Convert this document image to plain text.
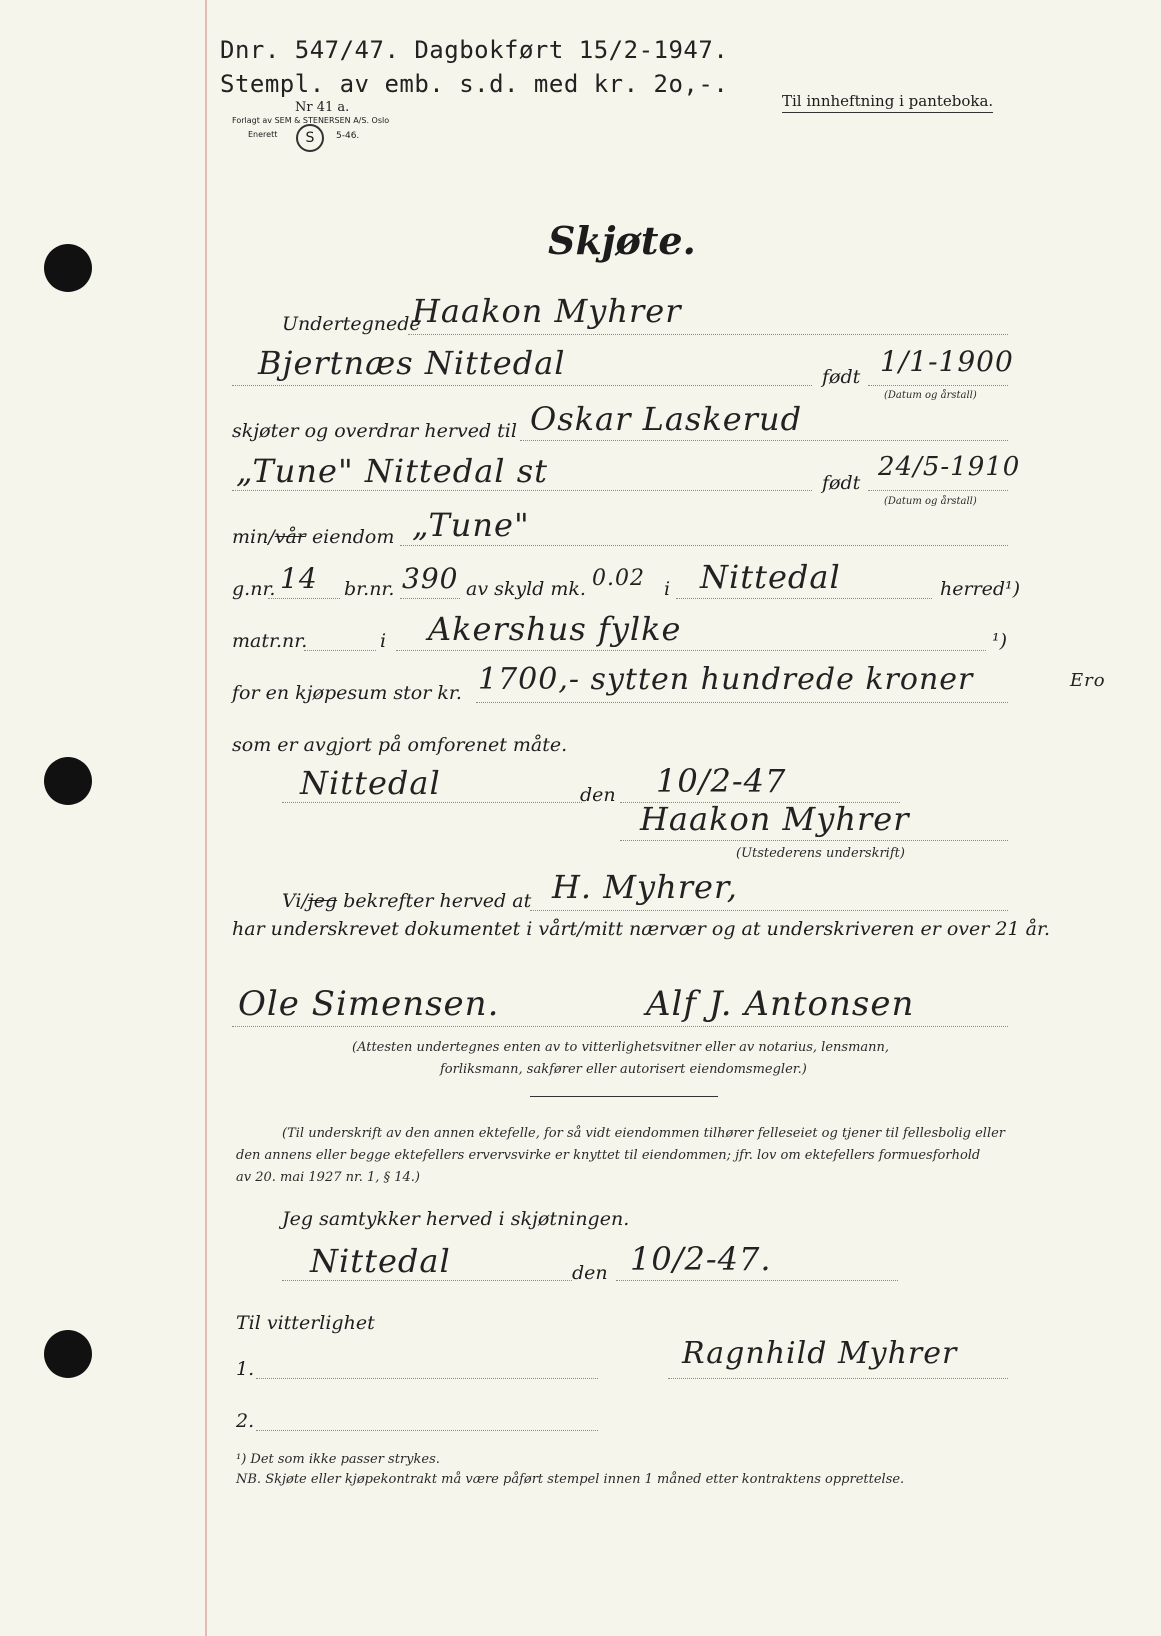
Dnr. 547/47. Dagbokført 15/2-1947.
Stempl. av emb. s.d. med kr. 2o,-.
Nr 41 a.
Forlagt av SEM & STENERSEN A/S. Oslo
Enerett	S	5-46.
Til innheftning i panteboka.
Skjøte.
Undertegnede
Haakon Myhrer
Bjertnæs Nittedal	født 1/1-1900
(Datum og årstall)
skjøter og overdrar herved til Oskar Laskerud
„Tune" Nittedal st	født
24/5-1910
(Datum og årstall)
min/vår eiendom „Tune"
g.nr. 14 br.nr. 390 av skyld mk. 0.02 i Nittedal	herred¹)
matr.nr.	i Akershus fylke	¹)
for en kjøpesum stor kr. 1700,- sytten hundrede kroner	Ero
som er avgjort på omforenet måte.
Nittedal	den 10/2-47
Haakon Myhrer
(Utstederens underskrift)
Vi/jeg bekrefter herved at H. Myhrer,
har underskrevet dokumentet i vårt/mitt nærvær og at underskriveren er over 21 år.
Ole Simensen.	Alf J. Antonsen
(Attesten undertegnes enten av to vitterlighetsvitner eller av notarius, lensmann,
forliksmann, sakfører eller autorisert eiendomsmegler.)
(Til underskrift av den annen ektefelle, for så vidt eiendommen tilhører felleseiet og tjener til fellesbolig eller
den annens eller begge ektefellers ervervsvirke er knyttet til eiendommen; jfr. lov om ektefellers formuesforhold
av 20. mai 1927 nr. 1, § 14.)
Jeg samtykker herved i skjøtningen.
Nittedal	den 10/2-47.
Til vitterlighet
1.
2.
Ragnhild Myhrer
¹) Det som ikke passer strykes.
NB. Skjøte eller kjøpekontrakt må være påført stempel innen 1 måned etter kontraktens opprettelse.
